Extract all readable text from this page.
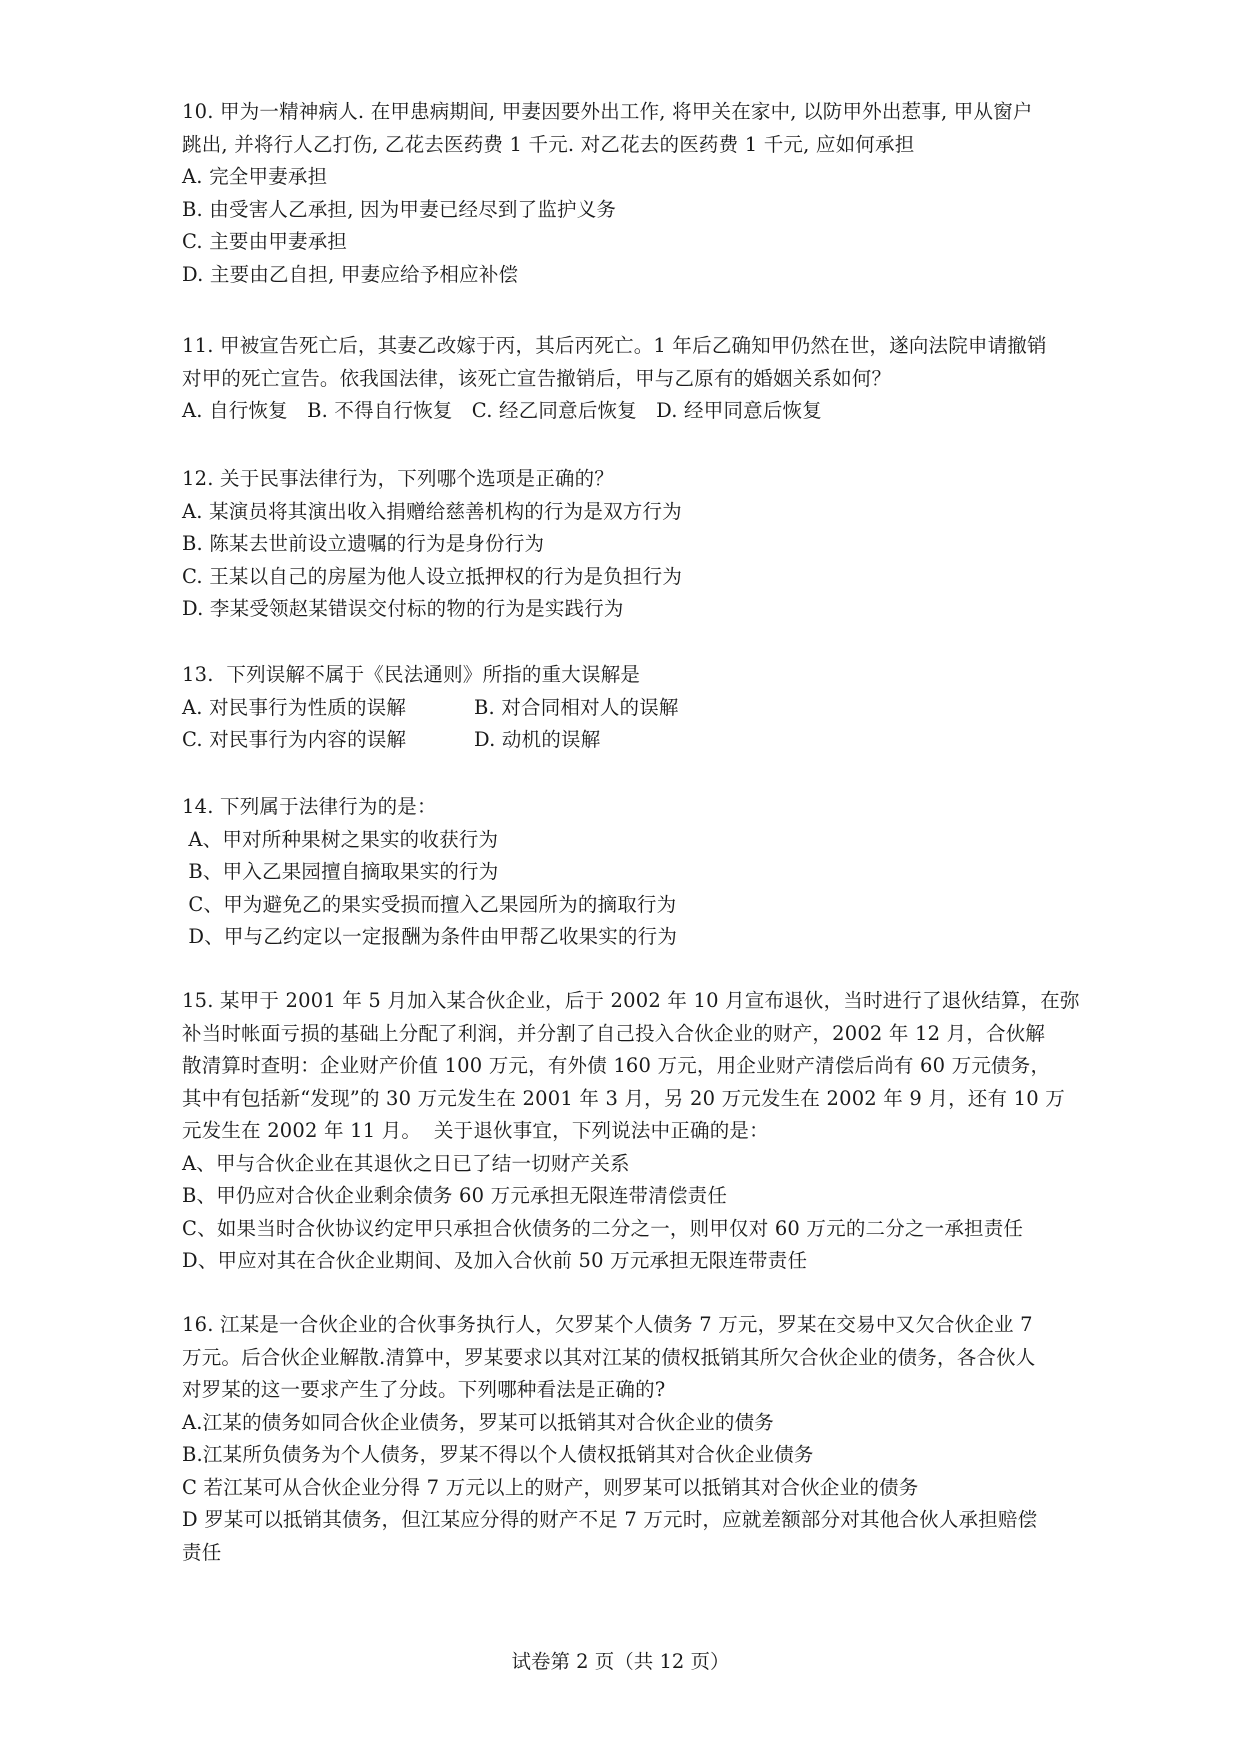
10. 甲为一精神病人. 在甲患病期间, 甲妻因要外出工作, 将甲关在家中, 以防甲外出惹事, 甲从窗户
跳出, 并将行人乙打伤, 乙花去医药费 1 千元. 对乙花去的医药费 1 千元, 应如何承担
A. 完全甲妻承担
B. 由受害人乙承担, 因为甲妻已经尽到了监护义务
C. 主要由甲妻承担
D. 主要由乙自担, 甲妻应给予相应补偿
11. 甲被宣告死亡后，其妻乙改嫁于丙，其后丙死亡。1 年后乙确知甲仍然在世，遂向法院申请撤销
对甲的死亡宣告。依我国法律，该死亡宣告撤销后，甲与乙原有的婚姻关系如何？
A. 自行恢复   B. 不得自行恢复   C. 经乙同意后恢复   D. 经甲同意后恢复
12. 关于民事法律行为，下列哪个选项是正确的？
A. 某演员将其演出收入捐赠给慈善机构的行为是双方行为
B. 陈某去世前设立遗嘱的行为是身份行为
C. 王某以自己的房屋为他人设立抵押权的行为是负担行为
D. 李某受领赵某错误交付标的物的行为是实践行为
13.  下列误解不属于《民法通则》所指的重大误解是
A. 对民事行为性质的误解	B. 对合同相对人的误解
C. 对民事行为内容的误解	D. 动机的误解
14. 下列属于法律行为的是：
A、甲对所种果树之果实的收获行为
B、甲入乙果园擅自摘取果实的行为
C、甲为避免乙的果实受损而擅入乙果园所为的摘取行为
D、甲与乙约定以一定报酬为条件由甲帮乙收果实的行为
15. 某甲于 2001 年 5 月加入某合伙企业，后于 2002 年 10 月宣布退伙，当时进行了退伙结算，在弥
补当时帐面亏损的基础上分配了利润，并分割了自己投入合伙企业的财产，2002 年 12 月，合伙解
散清算时查明：企业财产价值 100 万元，有外债 160 万元，用企业财产清偿后尚有 60 万元债务，
其中有包括新“发现”的 30 万元发生在 2001 年 3 月，另 20 万元发生在 2002 年 9 月，还有 10 万
元发生在 2002 年 11 月。  关于退伙事宜，下列说法中正确的是：
A、甲与合伙企业在其退伙之日已了结一切财产关系
B、甲仍应对合伙企业剩余债务 60 万元承担无限连带清偿责任
C、如果当时合伙协议约定甲只承担合伙债务的二分之一，则甲仅对 60 万元的二分之一承担责任
D、甲应对其在合伙企业期间、及加入合伙前 50 万元承担无限连带责任
16. 江某是一合伙企业的合伙事务执行人，欠罗某个人债务 7 万元，罗某在交易中又欠合伙企业 7
万元。后合伙企业解散.清算中，罗某要求以其对江某的债权抵销其所欠合伙企业的债务，各合伙人
对罗某的这一要求产生了分歧。下列哪种看法是正确的?
A.江某的债务如同合伙企业债务，罗某可以抵销其对合伙企业的债务
B.江某所负债务为个人债务，罗某不得以个人债权抵销其对合伙企业债务
C 若江某可从合伙企业分得 7 万元以上的财产，则罗某可以抵销其对合伙企业的债务
D 罗某可以抵销其债务，但江某应分得的财产不足 7 万元时，应就差额部分对其他合伙人承担赔偿
责任
试卷第 2 页（共 12 页）
